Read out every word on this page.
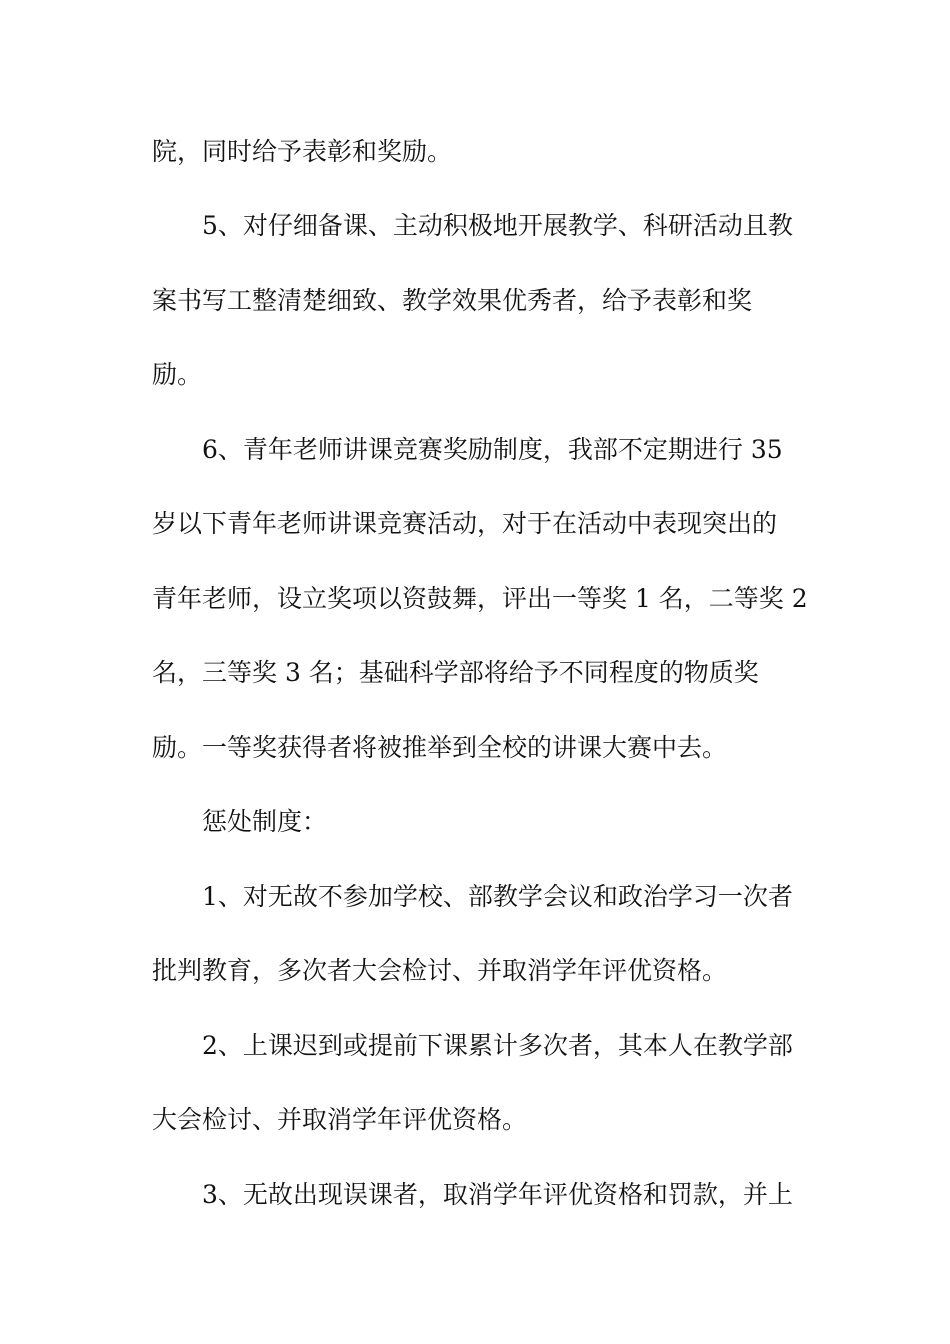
院，同时给予表彰和奖励。
5、对仔细备课、主动积极地开展教学、科研活动且教
案书写工整清楚细致、教学效果优秀者，给予表彰和奖
励。
6、青年老师讲课竞赛奖励制度，我部不定期进行 35
岁以下青年老师讲课竞赛活动，对于在活动中表现突出的
青年老师，设立奖项以资鼓舞，评出一等奖 1 名，二等奖 2
名，三等奖 3 名；基础科学部将给予不同程度的物质奖
励。一等奖获得者将被推举到全校的讲课大赛中去。
惩处制度：
1、对无故不参加学校、部教学会议和政治学习一次者
批判教育，多次者大会检讨、并取消学年评优资格。
2、上课迟到或提前下课累计多次者，其本人在教学部
大会检讨、并取消学年评优资格。
3、无故出现误课者，取消学年评优资格和罚款，并上
